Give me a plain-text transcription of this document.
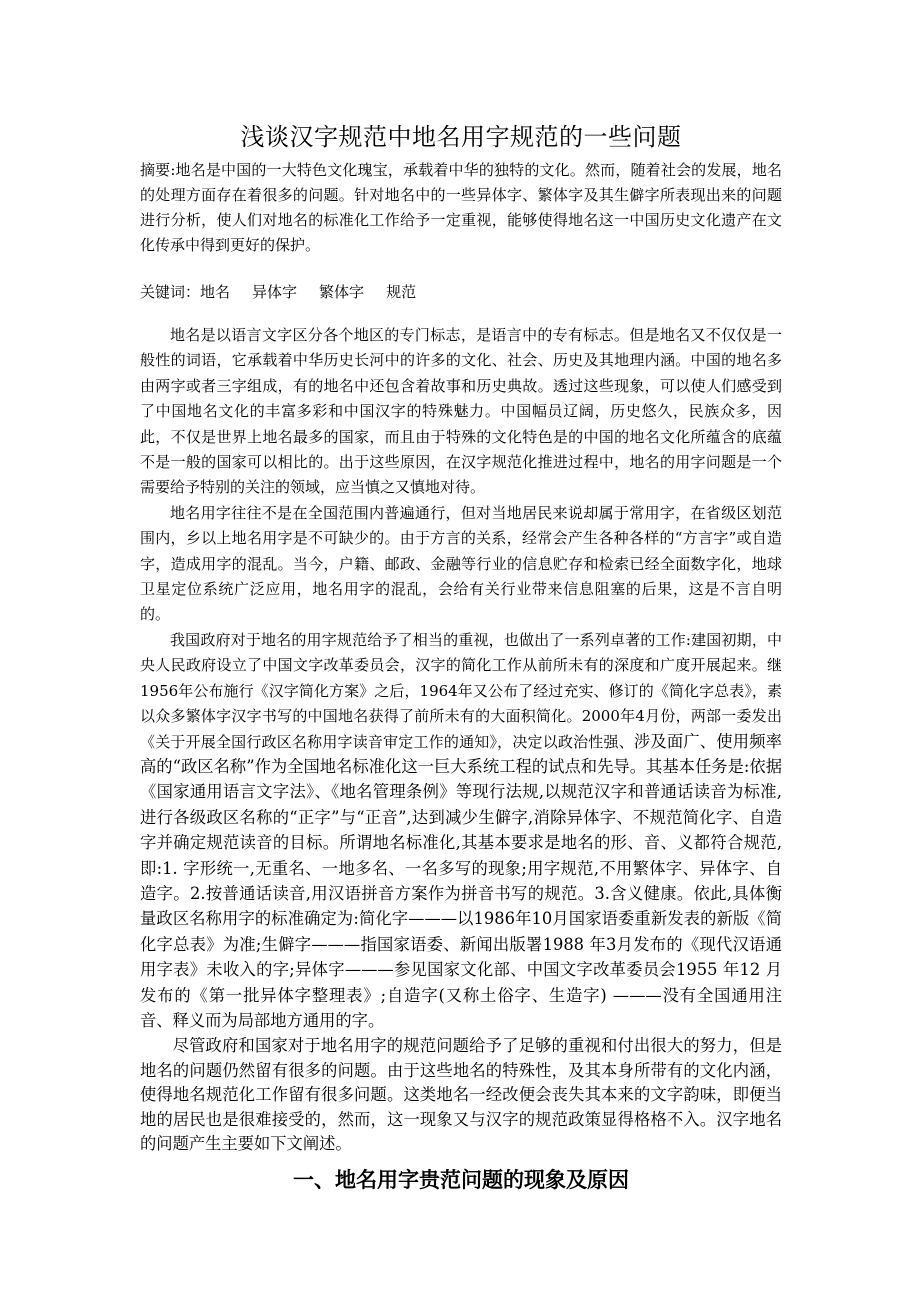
浅谈汉字规范中地名用字规范的一些问题

摘要:地名是中国的一大特色文化瑰宝，承载着中华的独特的文化。然而，随着社会的发展，地名的处理方面存在着很多的问题。针对地名中的一些异体字、繁体字及其生僻字所表现出来的问题进行分析，使人们对地名的标准化工作给予一定重视，能够使得地名这一中国历史文化遗产在文化传承中得到更好的保护。

关键词：地名 异体字 繁体字 规范

地名是以语言文字区分各个地区的专门标志，是语言中的专有标志。但是地名又不仅仅是一般性的词语，它承载着中华历史长河中的许多的文化、社会、历史及其地理内涵。中国的地名多由两字或者三字组成，有的地名中还包含着故事和历史典故。透过这些现象，可以使人们感受到了中国地名文化的丰富多彩和中国汉字的特殊魅力。中国幅员辽阔，历史悠久，民族众多，因此，不仅是世界上地名最多的国家，而且由于特殊的文化特色是的中国的地名文化所蕴含的底蕴不是一般的国家可以相比的。出于这些原因，在汉字规范化推进过程中，地名的用字问题是一个需要给予特别的关注的领域，应当慎之又慎地对待。

地名用字往往不是在全国范围内普遍通行，但对当地居民来说却属于常用字，在省级区划范围内，乡以上地名用字是不可缺少的。由于方言的关系，经常会产生各种各样的“方言字”或自造字，造成用字的混乱。当今，户籍、邮政、金融等行业的信息贮存和检索已经全面数字化，地球卫星定位系统广泛应用，地名用字的混乱，会给有关行业带来信息阻塞的后果，这是不言自明的。

我国政府对于地名的用字规范给予了相当的重视，也做出了一系列卓著的工作:建国初期，中央人民政府设立了中国文字改革委员会，汉字的简化工作从前所未有的深度和广度开展起来。继1956年公布施行《汉字简化方案》之后，1964年又公布了经过充实、修订的《简化字总表》，素以众多繁体字汉字书写的中国地名获得了前所未有的大面积简化。2000年4月份，两部一委发出《关于开展全国行政区名称用字读音审定工作的通知》，决定以政治性强、涉及面广、使用频率高的“政区名称”作为全国地名标准化这一巨大系统工程的试点和先导。其基本任务是:依据《国家通用语言文字法》、《地名管理条例》等现行法规,以规范汉字和普通话读音为标准,进行各级政区名称的“正字”与“正音”,达到减少生僻字,消除异体字、不规范简化字、自造字并确定规范读音的目标。所谓地名标准化,其基本要求是地名的形、音、义都符合规范,即:1. 字形统一,无重名、一地多名、一名多写的现象;用字规范,不用繁体字、异体字、自造字。2.按普通话读音,用汉语拼音方案作为拼音书写的规范。3.含义健康。依此,具体衡量政区名称用字的标准确定为:简化字———以1986年10月国家语委重新发表的新版《简化字总表》为准;生僻字———指国家语委、新闻出版署1988 年3月发布的《现代汉语通用字表》未收入的字;异体字———参见国家文化部、中国文字改革委员会1955 年12 月发布的《第一批异体字整理表》;自造字(又称土俗字、生造字) ———没有全国通用注音、释义而为局部地方通用的字。

尽管政府和国家对于地名用字的规范问题给予了足够的重视和付出很大的努力，但是地名的问题仍然留有很多的问题。由于这些地名的特殊性，及其本身所带有的文化内涵，使得地名规范化工作留有很多问题。这类地名一经改便会丧失其本来的文字韵味，即便当地的居民也是很难接受的，然而，这一现象又与汉字的规范政策显得格格不入。汉字地名的问题产生主要如下文阐述。

一、地名用字贵范问题的现象及原因
